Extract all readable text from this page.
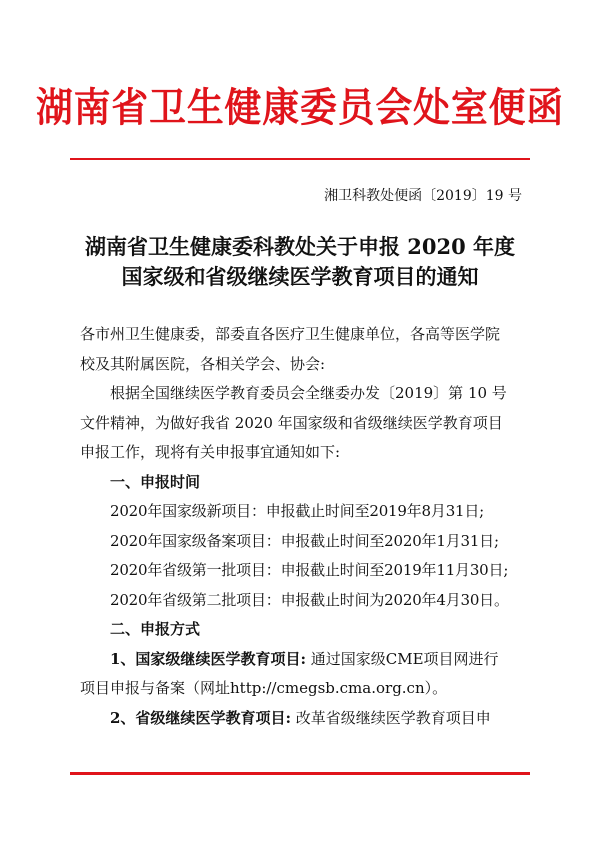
湖南省卫生健康委员会处室便函
湘卫科教处便函〔2019〕19 号
湖南省卫生健康委科教处关于申报 2020 年度
国家级和省级继续医学教育项目的通知

各市州卫生健康委，部委直各医疗卫生健康单位，各高等医学院

校及其附属医院，各相关学会、协会:

根据全国继续医学教育委员会全继委办发〔2019〕第 10 号

文件精神，为做好我省 2020 年国家级和省级继续医学教育项目

申报工作，现将有关申报事宜通知如下:

一、申报时间

2020年国家级新项目：申报截止时间至2019年8月31日;

2020年国家级备案项目：申报截止时间至2020年1月31日;

2020年省级第一批项目：申报截止时间至2019年11月30日;

2020年省级第二批项目：申报截止时间为2020年4月30日。

二、申报方式

1、国家级继续医学教育项目: 通过国家级CME项目网进行

项目申报与备案（网址http://cmegsb.cma.org.cn）。

2、省级继续医学教育项目: 改革省级继续医学教育项目申
